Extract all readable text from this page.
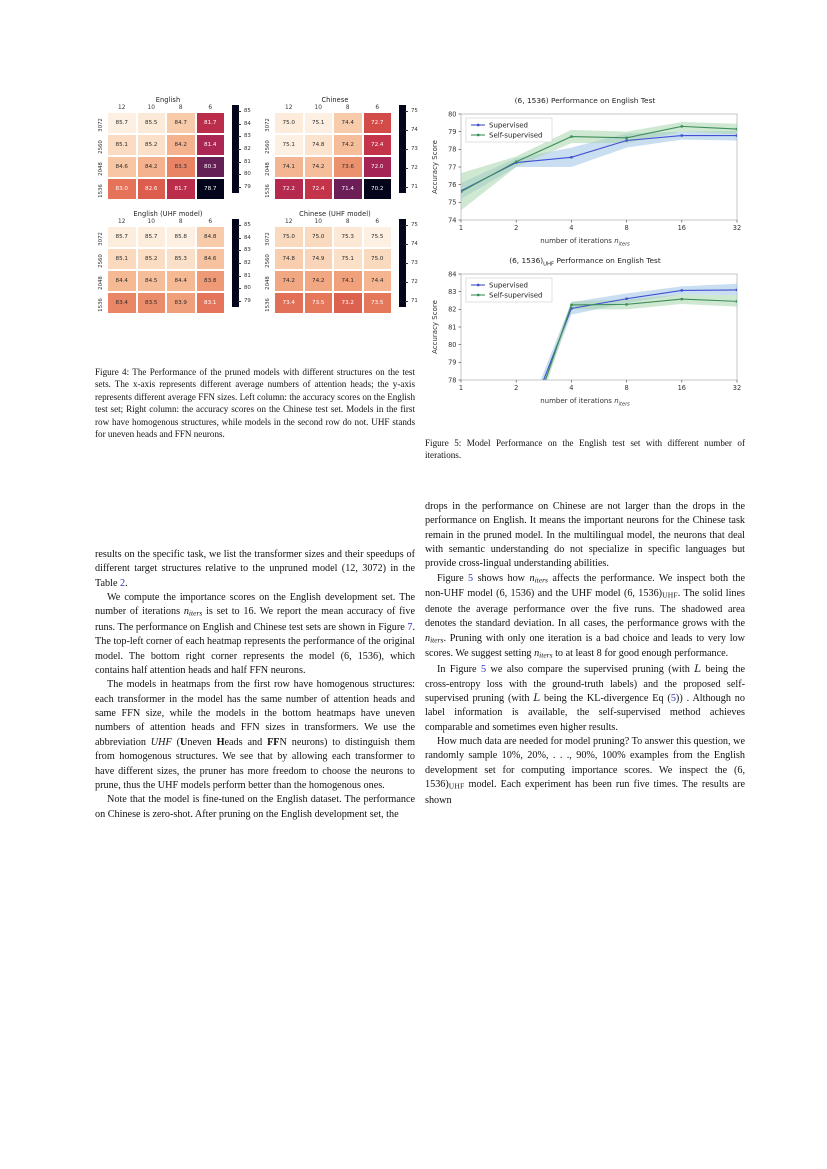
English
3072
2560
2048
1536
12	10	8	6
85.7	85.5	84.7	81.7
85.1	85.2	84.2	81.4
84.6	84.2	83.3	80.3
83.0	82.6	81.7	78.7
85
84
83
82
81
80
79
Chinese
3072
2560
2048
1536
12	10	8	6
75.0	75.1	74.4	72.7
75.1	74.8	74.2	72.4
74.1	74.2	73.6	72.0
72.2	72.4	71.4	70.2
75
74
73
72
71
English (UHF model)
3072
2560
2048
1536
12	10	8	6
85.7	85.7	85.8	84.8
85.1	85.2	85.3	84.6
84.4	84.5	84.4	83.8
83.4	83.5	83.9	83.1
85
84
83
82
81
80
79
Chinese (UHF model)
3072
2560
2048
1536
12	10	8	6
75.0	75.0	75.3	75.5
74.8	74.9	75.1	75.0
74.2	74.2	74.1	74.4
73.4	73.5	73.2	73.5
75
74
73
72
71
Figure 4: The Performance of the pruned models with different structures on the test sets. The x-axis represents different average numbers of attention heads; the y-axis represents different average FFN sizes. Left column: the accuracy scores on the English test set; Right column: the accuracy scores on the Chinese test set. Models in the first row have homogenous structures, while models in the second row do not. UHF stands for uneven heads and FFN neurons.
(6, 1536) Performance on English Test
74
75
76
77
78
79
80
1	2	4	8	16	32
Supervised
Self-supervised
Accuracy Score
number of iterations $n_{iters}$
(6, $1536)_{UHF}$ Performance on English Test
78
79
80
81
82
83
84
1	2	4	8	16	32
Supervised
Self-supervised
Accuracy Score
number of iterations $n_{iters}$
Figure 5: Model Performance on the English test set with different number of iterations.

results on the specific task, we list the transformer sizes and their speedups of different target structures relative to the unpruned model (12, 3072) in the Table 2.

We compute the importance scores on the English development set. The number of iterations niters is set to 16. We report the mean accuracy of five runs. The performance on English and Chinese test sets are shown in Figure 7. The top-left corner of each heatmap represents the performance of the original model. The bottom right corner represents the model (6, 1536), which contains half attention heads and half FFN neurons.

The models in heatmaps from the first row have homogenous structures: each transformer in the model has the same number of attention heads and same FFN size, while the models in the bottom heatmaps have uneven numbers of attention heads and FFN sizes in transformers. We use the abbreviation UHF (Uneven Heads and FFN neurons) to distinguish them from homogenous structures. We see that by allowing each transformer to have different sizes, the pruner has more freedom to choose the neurons to prune, thus the UHF models perform better than the homogenous ones.

Note that the model is fine-tuned on the English dataset. The performance on Chinese is zero-shot. After pruning on the English development set, the

drops in the performance on Chinese are not larger than the drops in the performance on English. It means the important neurons for the Chinese task remain in the pruned model. In the multilingual model, the neurons that deal with semantic understanding do not specialize in specific languages but provide cross-lingual understanding abilities.

Figure 5 shows how niters affects the performance. We inspect both the non-UHF model (6, 1536) and the UHF model (6, 1536)UHF. The solid lines denote the average performance over the five runs. The shadowed area denotes the standard deviation. In all cases, the performance grows with the niters. Pruning with only one iteration is a bad choice and leads to very low scores. We suggest setting niters to at least 8 for good enough performance.

In Figure 5 we also compare the supervised pruning (with L being the cross-entropy loss with the ground-truth labels) and the proposed self-supervised pruning (with L being the KL-divergence Eq (5)) . Although no label information is available, the self-supervised method achieves comparable and sometimes even higher results.

How much data are needed for model pruning? To answer this question, we randomly sample 10%, 20%, . . ., 90%, 100% examples from the English development set for computing importance scores. We inspect the (6, 1536)UHF model. Each experiment has been run five times. The results are shown
